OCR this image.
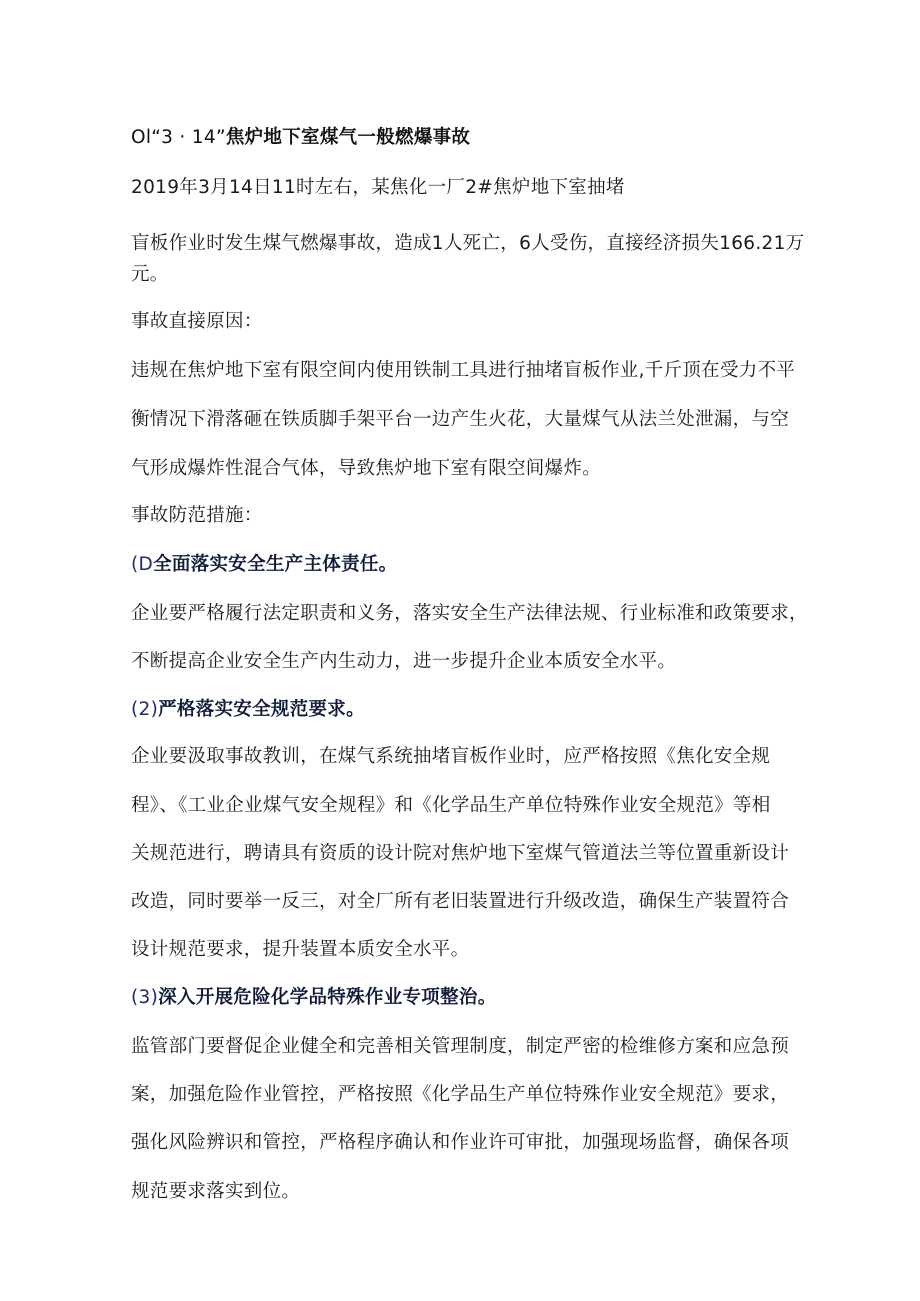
Ol“3 · 14”焦炉地下室煤气一般燃爆事故
2019年3月14日11时左右，某焦化一厂2#焦炉地下室抽堵
盲板作业时发生煤气燃爆事故，造成1人死亡，6人受伤，直接经济损失166.21万
元。
事故直接原因：
违规在焦炉地下室有限空间内使用铁制工具进行抽堵盲板作业,千斤顶在受力不平
衡情况下滑落砸在铁质脚手架平台一边产生火花，大量煤气从法兰处泄漏，与空
气形成爆炸性混合气体，导致焦炉地下室有限空间爆炸。
事故防范措施：
(D全面落实安全生产主体责任。
企业要严格履行法定职责和义务，落实安全生产法律法规、行业标准和政策要求，
不断提高企业安全生产内生动力，进一步提升企业本质安全水平。
(2)严格落实安全规范要求。
企业要汲取事故教训，在煤气系统抽堵盲板作业时，应严格按照《焦化安全规
程》、《工业企业煤气安全规程》和《化学品生产单位特殊作业安全规范》等相
关规范进行，聘请具有资质的设计院对焦炉地下室煤气管道法兰等位置重新设计
改造，同时要举一反三，对全厂所有老旧装置进行升级改造，确保生产装置符合
设计规范要求，提升装置本质安全水平。
(3)深入开展危险化学品特殊作业专项整治。
监管部门要督促企业健全和完善相关管理制度，制定严密的检维修方案和应急预
案，加强危险作业管控，严格按照《化学品生产单位特殊作业安全规范》要求，
强化风险辨识和管控，严格程序确认和作业许可审批，加强现场监督，确保各项
规范要求落实到位。
